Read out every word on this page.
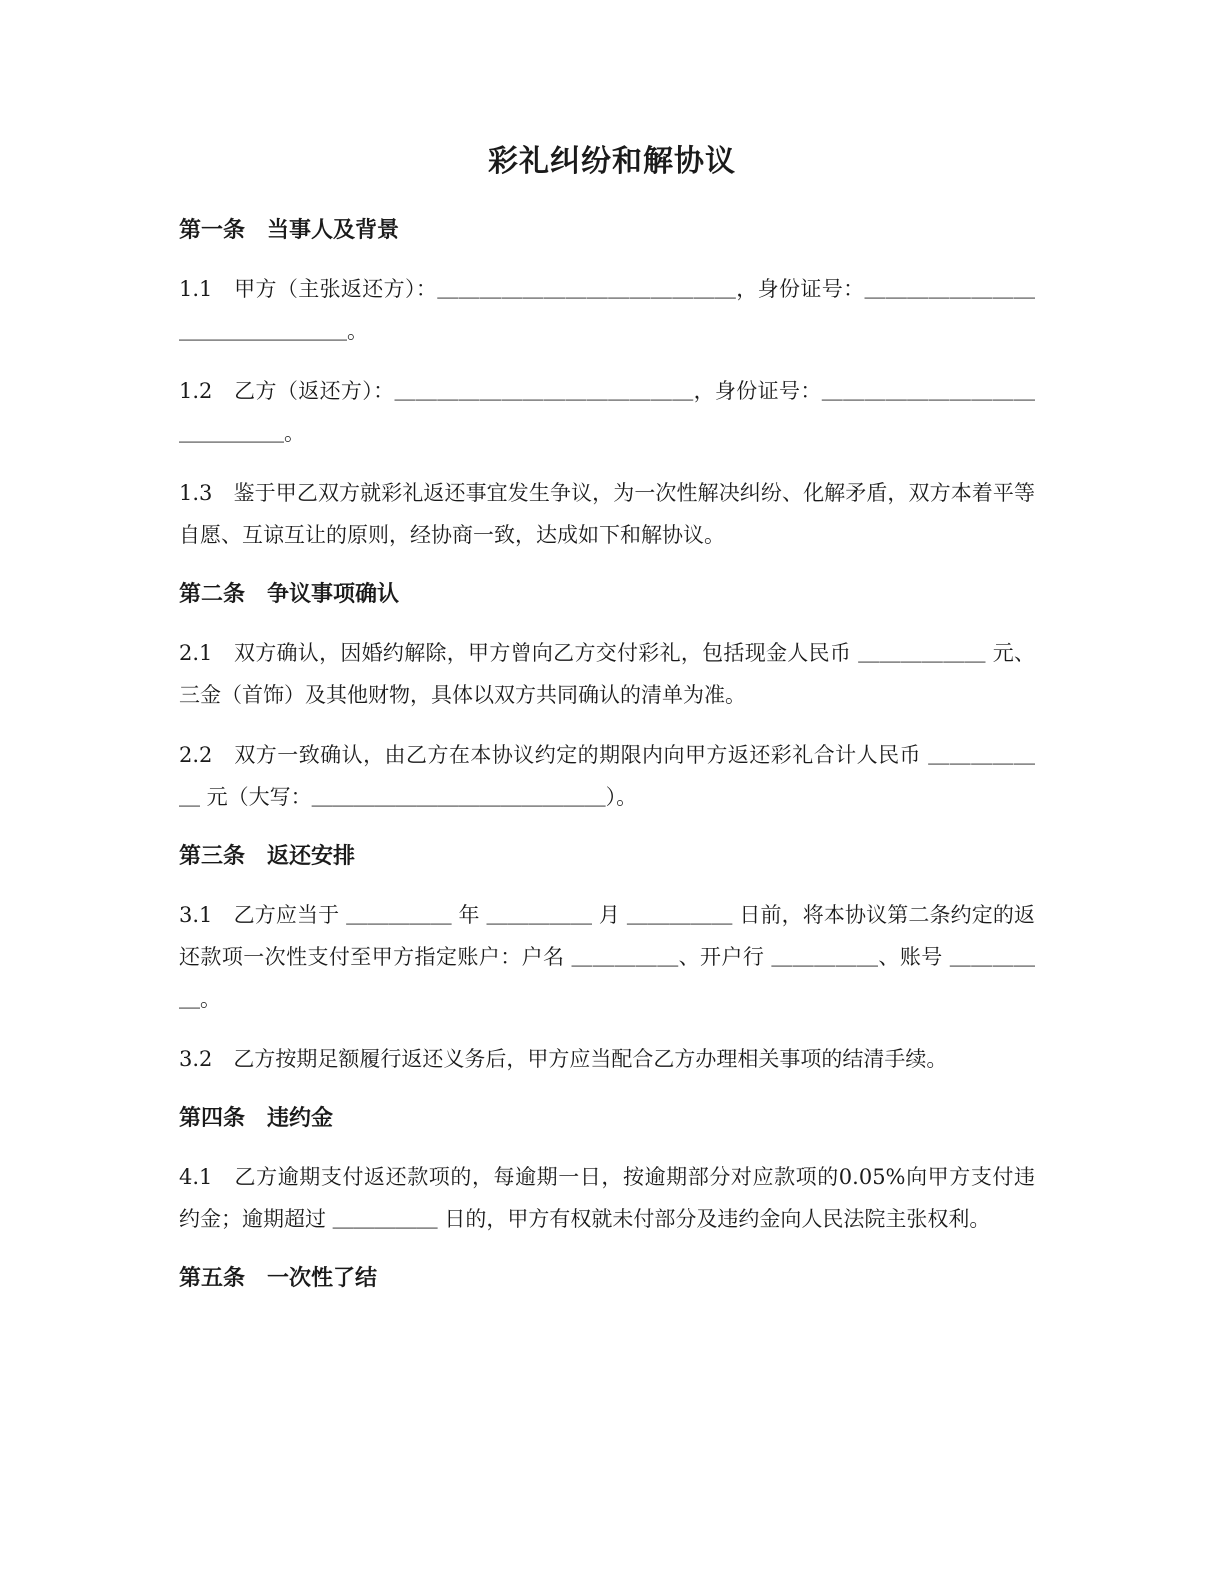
彩礼纠纷和解协议
第一条　当事人及背景

1.1　甲方（主张返还方）：＿＿＿＿＿＿＿＿＿＿＿＿＿＿，身份证号：＿＿＿＿＿＿＿＿＿＿＿＿＿＿＿＿。

1.2　乙方（返还方）：＿＿＿＿＿＿＿＿＿＿＿＿＿＿，身份证号：＿＿＿＿＿＿＿＿＿＿＿＿＿＿＿。

1.3　鉴于甲乙双方就彩礼返还事宜发生争议，为一次性解决纠纷、化解矛盾，双方本着平等自愿、互谅互让的原则，经协商一致，达成如下和解协议。

第二条　争议事项确认

2.1　双方确认，因婚约解除，甲方曾向乙方交付彩礼，包括现金人民币 ＿＿＿＿＿＿ 元、三金（首饰）及其他财物，具体以双方共同确认的清单为准。

2.2　双方一致确认，由乙方在本协议约定的期限内向甲方返还彩礼合计人民币 ＿＿＿＿＿＿ 元（大写：＿＿＿＿＿＿＿＿＿＿＿＿＿＿）。

第三条　返还安排

3.1　乙方应当于 ＿＿＿＿＿ 年 ＿＿＿＿＿ 月 ＿＿＿＿＿ 日前，将本协议第二条约定的返还款项一次性支付至甲方指定账户：户名 ＿＿＿＿＿、开户行 ＿＿＿＿＿、账号 ＿＿＿＿＿。

3.2　乙方按期足额履行返还义务后，甲方应当配合乙方办理相关事项的结清手续。

第四条　违约金

4.1　乙方逾期支付返还款项的，每逾期一日，按逾期部分对应款项的0.05%向甲方支付违约金；逾期超过 ＿＿＿＿＿ 日的，甲方有权就未付部分及违约金向人民法院主张权利。

第五条　一次性了结
